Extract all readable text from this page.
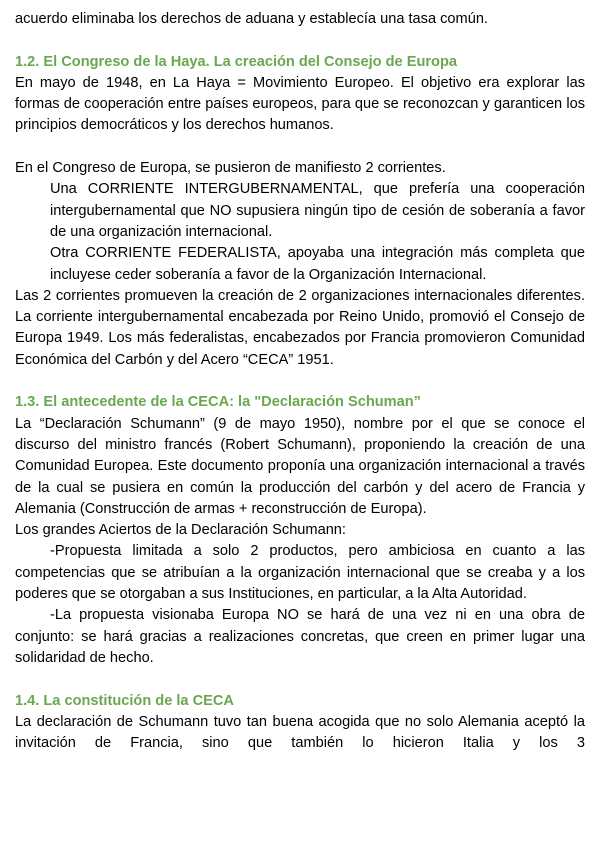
acuerdo eliminaba los derechos de aduana y establecía una tasa común.

1.2. El Congreso de la Haya. La creación del Consejo de Europa

En mayo de 1948, en La Haya = Movimiento Europeo. El objetivo era explorar las formas de cooperación entre países europeos, para que se reconozcan y garanticen los principios democráticos y los derechos humanos.

En el Congreso de Europa, se pusieron de manifiesto 2 corrientes.

Una CORRIENTE INTERGUBERNAMENTAL, que prefería una cooperación intergubernamental que NO supusiera ningún tipo de cesión de soberanía a favor de una organización internacional.

Otra CORRIENTE FEDERALISTA, apoyaba una integración más completa que incluyese ceder soberanía a favor de la Organización Internacional.

Las 2 corrientes promueven la creación de 2 organizaciones internacionales diferentes. La corriente intergubernamental encabezada por Reino Unido, promovió el Consejo de Europa 1949. Los más federalistas, encabezados por Francia promovieron Comunidad Económica del Carbón y del Acero “CECA” 1951.

1.3. El antecedente de la CECA: la "Declaración Schuman”

La “Declaración Schumann” (9 de mayo 1950), nombre por el que se conoce el discurso del ministro francés (Robert Schumann), proponiendo la creación de una Comunidad Europea. Este documento proponía una organización internacional a través de la cual se pusiera en común la producción del carbón y del acero de Francia y Alemania (Construcción de armas + reconstrucción de Europa).

Los grandes Aciertos de la Declaración Schumann:

-Propuesta limitada a solo 2 productos, pero ambiciosa en cuanto a las competencias que se atribuían a la organización internacional que se creaba y a los poderes que se otorgaban a sus Instituciones, en particular, a la Alta Autoridad.

-La propuesta visionaba Europa NO se hará de una vez ni en una obra de conjunto: se hará gracias a realizaciones concretas, que creen en primer lugar una solidaridad de hecho.

1.4. La constitución de la CECA

La declaración de Schumann tuvo tan buena acogida que no solo Alemania aceptó la invitación de Francia, sino que también lo hicieron Italia y los 3
